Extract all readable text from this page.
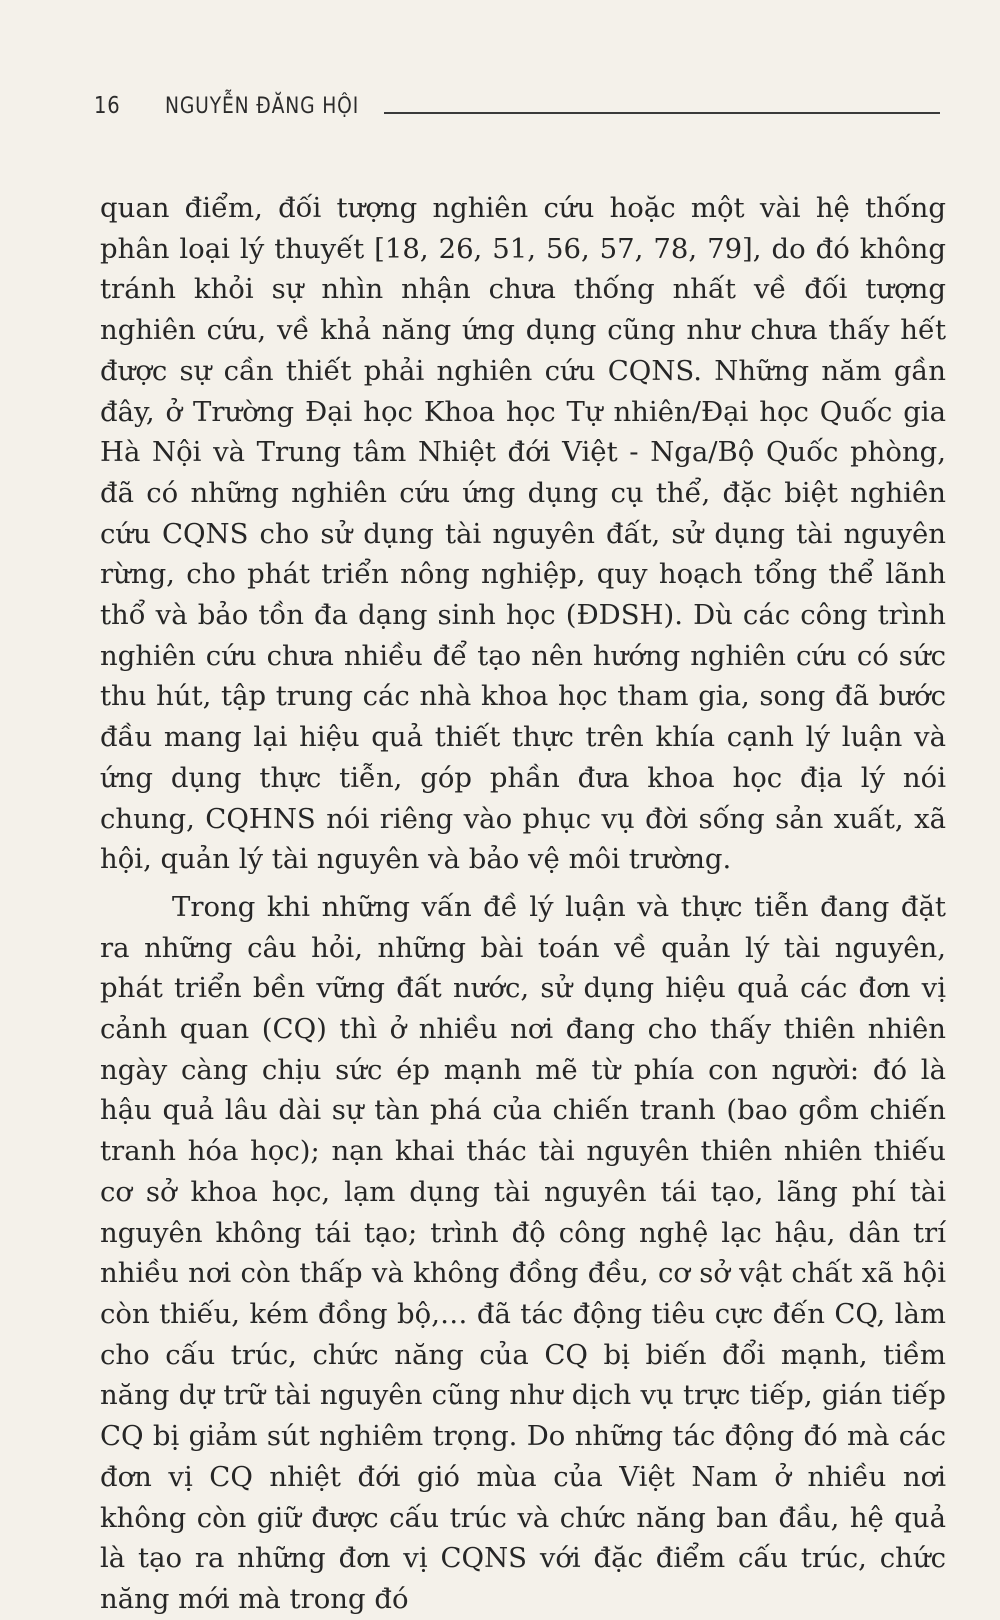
16 NGUYỄN ĐĂNG HỘI

quan điểm, đối tượng nghiên cứu hoặc một vài hệ thống phân loại lý thuyết [18, 26, 51, 56, 57, 78, 79], do đó không tránh khỏi sự nhìn nhận chưa thống nhất về đối tượng nghiên cứu, về khả năng ứng dụng cũng như chưa thấy hết được sự cần thiết phải nghiên cứu CQNS. Những năm gần đây, ở Trường Đại học Khoa học Tự nhiên/Đại học Quốc gia Hà Nội và Trung tâm Nhiệt đới Việt - Nga/Bộ Quốc phòng, đã có những nghiên cứu ứng dụng cụ thể, đặc biệt nghiên cứu CQNS cho sử dụng tài nguyên đất, sử dụng tài nguyên rừng, cho phát triển nông nghiệp, quy hoạch tổng thể lãnh thổ và bảo tồn đa dạng sinh học (ĐDSH). Dù các công trình nghiên cứu chưa nhiều để tạo nên hướng nghiên cứu có sức thu hút, tập trung các nhà khoa học tham gia, song đã bước đầu mang lại hiệu quả thiết thực trên khía cạnh lý luận và ứng dụng thực tiễn, góp phần đưa khoa học địa lý nói chung, CQHNS nói riêng vào phục vụ đời sống sản xuất, xã hội, quản lý tài nguyên và bảo vệ môi trường.

Trong khi những vấn đề lý luận và thực tiễn đang đặt ra những câu hỏi, những bài toán về quản lý tài nguyên, phát triển bền vững đất nước, sử dụng hiệu quả các đơn vị cảnh quan (CQ) thì ở nhiều nơi đang cho thấy thiên nhiên ngày càng chịu sức ép mạnh mẽ từ phía con người: đó là hậu quả lâu dài sự tàn phá của chiến tranh (bao gồm chiến tranh hóa học); nạn khai thác tài nguyên thiên nhiên thiếu cơ sở khoa học, lạm dụng tài nguyên tái tạo, lãng phí tài nguyên không tái tạo; trình độ công nghệ lạc hậu, dân trí nhiều nơi còn thấp và không đồng đều, cơ sở vật chất xã hội còn thiếu, kém đồng bộ,… đã tác động tiêu cực đến CQ, làm cho cấu trúc, chức năng của CQ bị biến đổi mạnh, tiềm năng dự trữ tài nguyên cũng như dịch vụ trực tiếp, gián tiếp CQ bị giảm sút nghiêm trọng. Do những tác động đó mà các đơn vị CQ nhiệt đới gió mùa của Việt Nam ở nhiều nơi không còn giữ được cấu trúc và chức năng ban đầu, hệ quả là tạo ra những đơn vị CQNS với đặc điểm cấu trúc, chức năng mới mà trong đó
